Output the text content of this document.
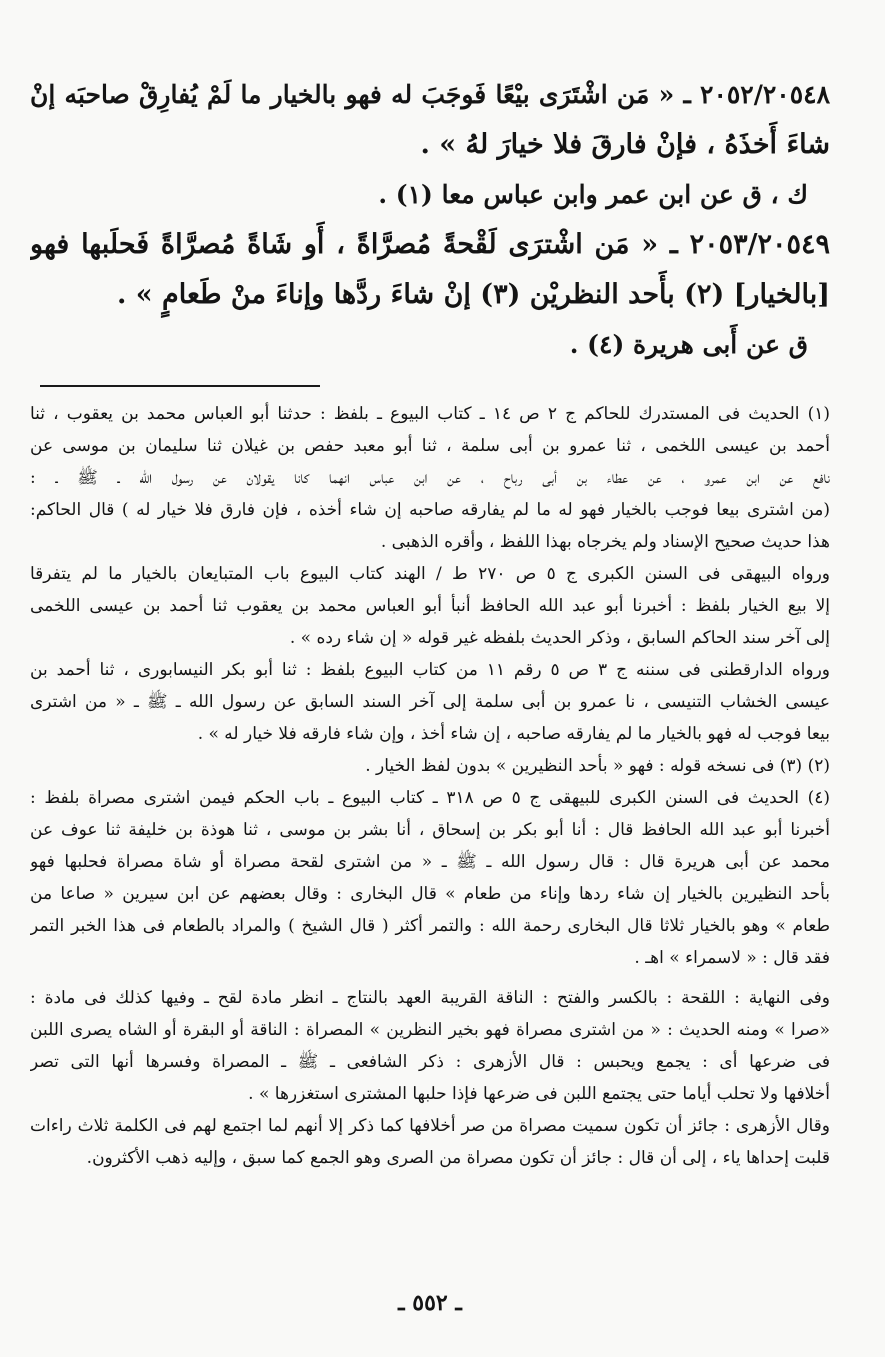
٢٠٥٢/٢٠٥٤٨ ـ « مَن اشْتَرَى بيْعًا فَوجَبَ له فهو بالخيار ما لَمْ يُفارِقْ صاحبَه إنْ
شاءَ أَخذَهُ ، فإنْ فارقَ فلا خيارَ لهُ » .
ك ، ق عن ابن عمر وابن عباس معا (١) .
٢٠٥٣/٢٠٥٤٩ ـ « مَن اشْترَى لَقْحةً مُصرَّاةً ، أَو شَاةً مُصرَّاةً فَحلَبها فهو
[بالخيار] (٢) بأَحد النظريْن (٣) إنْ شاءَ ردَّها وإناءَ منْ طَعامٍ » .
ق عن أَبى هريرة (٤) .
(١) الحديث فى المستدرك للحاكم ج ٢ ص ١٤ ـ كتاب البيوع ـ بلفظ : حدثنا أبو العباس محمد بن يعقوب ، ثنا
أحمد بن عيسى اللخمى ، ثنا عمرو بن أبى سلمة ، ثنا أبو معبد حفص بن غيلان ثنا سليمان بن موسى عن
نافع عن ابن عمرو ، عن عطاء بن أبى رباح ، عن ابن عباس انهما كانا يقولان عن رسول الله ـ ﷺ ـ :
(من اشترى بيعا فوجب بالخيار فهو له ما لم يفارقه صاحبه إن شاء أخذه ، فإن فارق فلا خيار له ) قال الحاكم:
هذا حديث صحيح الإسناد ولم يخرجاه بهذا اللفظ ، وأقره الذهبى .
ورواه البيهقى فى السنن الكبرى ج ٥ ص ٢٧٠ ط / الهند كتاب البيوع باب المتبايعان بالخيار ما لم يتفرقا
إلا بيع الخيار بلفظ : أخبرنا أبو عبد الله الحافظ أنبأ أبو العباس محمد بن يعقوب ثنا أحمد بن عيسى اللخمى
إلى آخر سند الحاكم السابق ، وذكر الحديث بلفظه غير قوله « إن شاء رده » .
ورواه الدارقطنى فى سننه ج ٣ ص ٥ رقم ١١ من كتاب البيوع بلفظ : ثنا أبو بكر النيسابورى ، ثنا أحمد بن
عيسى الخشاب التنيسى ، نا عمرو بن أبى سلمة إلى آخر السند السابق عن رسول الله ـ ﷺ ـ « من اشترى
بيعا فوجب له فهو بالخيار ما لم يفارقه صاحبه ، إن شاء أخذ ، وإن شاء فارقه فلا خيار له » .
(٢) (٣) فى نسخه قوله : فهو « بأحد النظيرين » بدون لفظ الخيار .
(٤) الحديث فى السنن الكبرى للبيهقى ج ٥ ص ٣١٨ ـ كتاب البيوع ـ باب الحكم فيمن اشترى مصراة بلفظ :
أخبرنا أبو عبد الله الحافظ قال : أنا أبو بكر بن إسحاق ، أنا بشر بن موسى ، ثنا هوذة بن خليفة ثنا عوف عن
محمد عن أبى هريرة قال : قال رسول الله ـ ﷺ ـ « من اشترى لقحة مصراة أو شاة مصراة فحلبها فهو
بأحد النظيرين بالخيار إن شاء ردها وإناء من طعام » قال البخارى : وقال بعضهم عن ابن سيرين « صاعا من
طعام » وهو بالخيار ثلاثا قال البخارى رحمة الله : والتمر أكثر ( قال الشيخ ) والمراد بالطعام فى هذا الخبر التمر
فقد قال : « لاسمراء » اهـ .
وفى النهاية : اللقحة : بالكسر والفتح : الناقة القريبة العهد بالنتاج ـ انظر مادة لقح ـ وفيها كذلك فى مادة :
«صرا » ومنه الحديث : « من اشترى مصراة فهو بخير النظرين » المصراة : الناقة أو البقرة أو الشاه يصرى اللبن
فى ضرعها أى : يجمع ويحبس : قال الأزهرى : ذكر الشافعى ـ ﷺ ـ المصراة وفسرها أنها التى تصر
أخلافها ولا تحلب أياما حتى يجتمع اللبن فى ضرعها فإذا حلبها المشترى استغزرها » .
وقال الأزهرى : جائز أن تكون سميت مصراة من صر أخلافها كما ذكر إلا أنهم لما اجتمع لهم فى الكلمة ثلاث راءات
قلبت إحداها ياء ، إلى أن قال : جائز أن تكون مصراة من الصرى وهو الجمع كما سبق ، وإليه ذهب الأكثرون.
ـ ٥٥٢ ـ
